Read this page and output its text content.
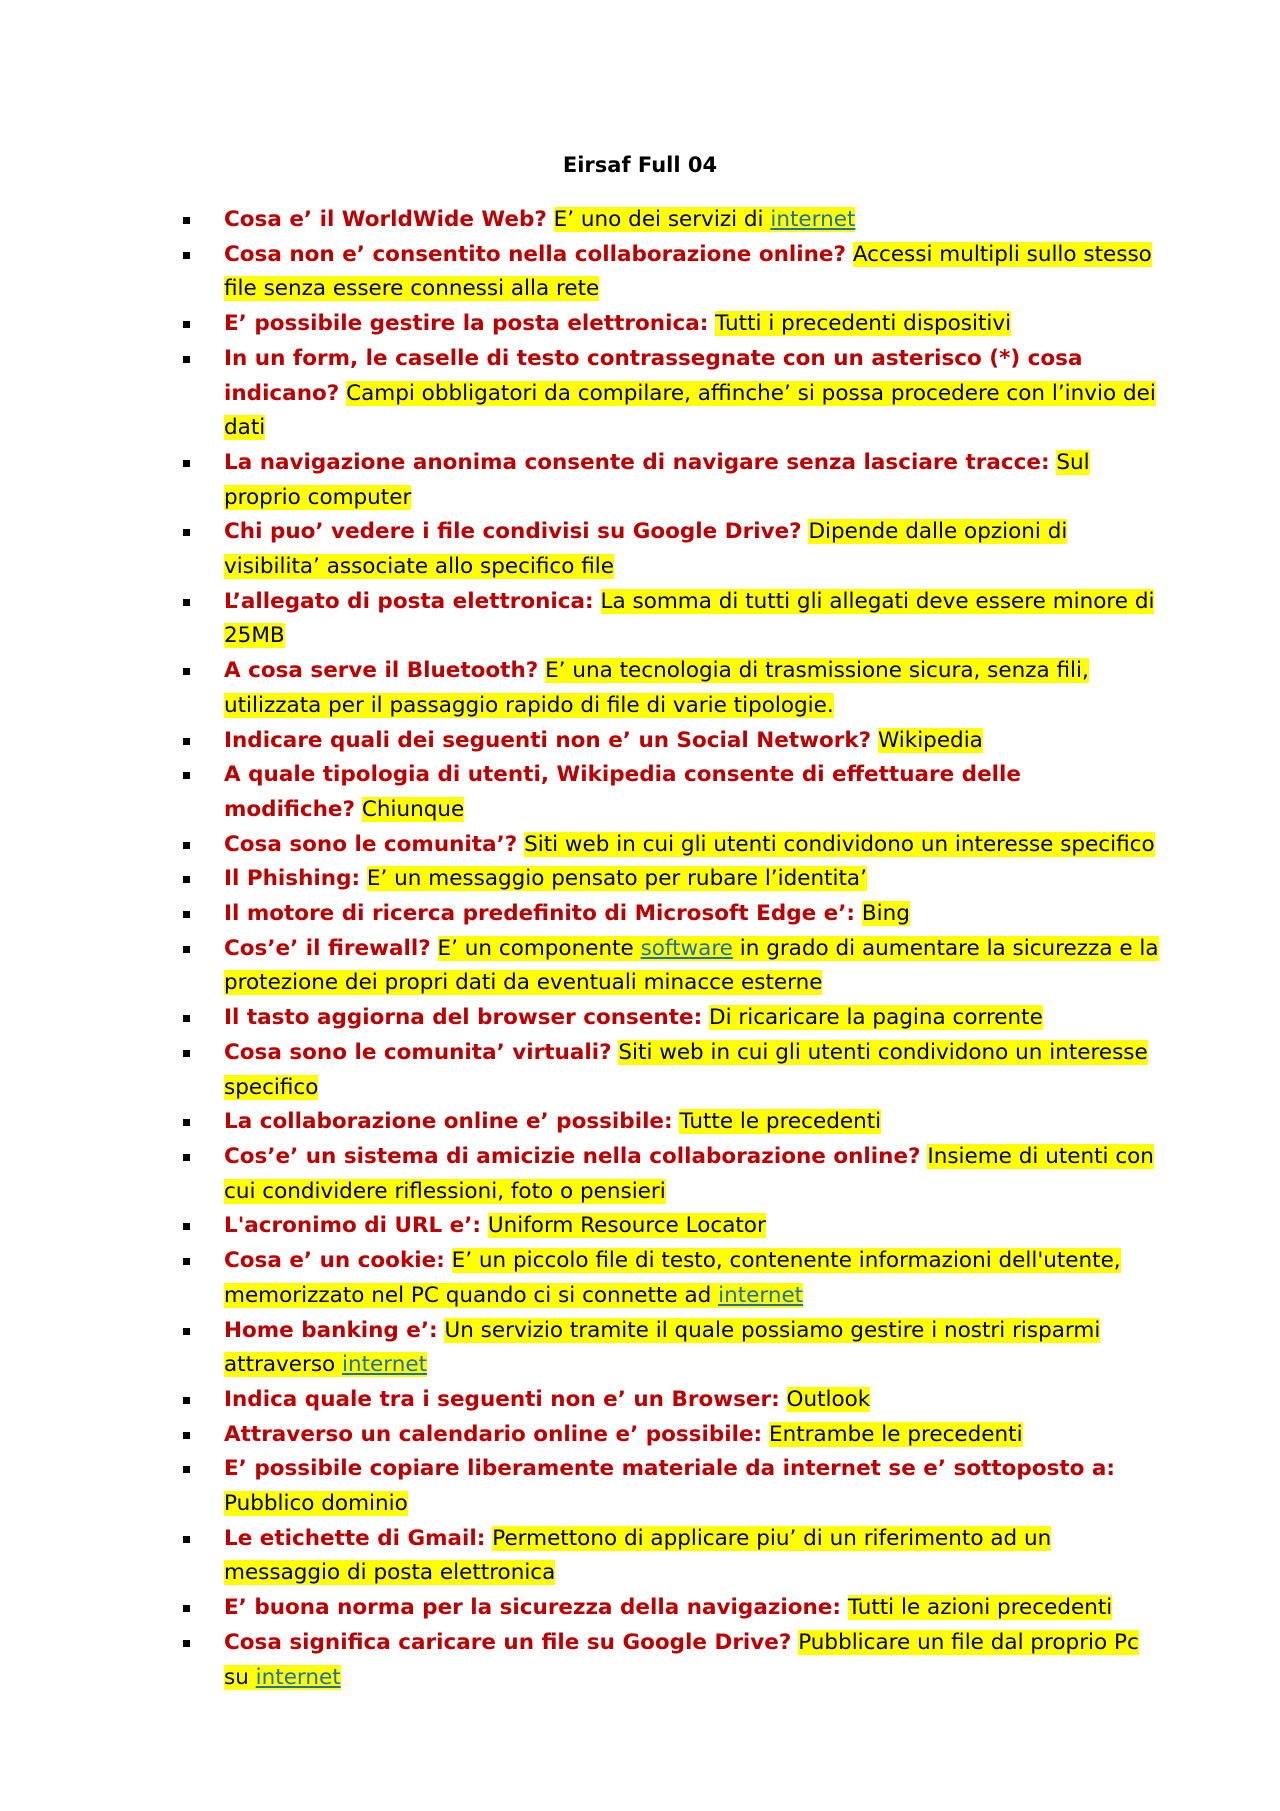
Eirsaf Full 04
Cosa e’ il WorldWide Web? E’ uno dei servizi di internet
Cosa non e’ consentito nella collaborazione online? Accessi multipli sullo stesso file senza essere connessi alla rete
E’ possibile gestire la posta elettronica: Tutti i precedenti dispositivi
In un form, le caselle di testo contrassegnate con un asterisco (*) cosa indicano? Campi obbligatori da compilare, affinche’ si possa procedere con l’invio dei dati
La navigazione anonima consente di navigare senza lasciare tracce: Sul proprio computer
Chi puo’ vedere i file condivisi su Google Drive? Dipende dalle opzioni di visibilita’ associate allo specifico file
L’allegato di posta elettronica: La somma di tutti gli allegati deve essere minore di 25MB
A cosa serve il Bluetooth? E’ una tecnologia di trasmissione sicura, senza fili, utilizzata per il passaggio rapido di file di varie tipologie.
Indicare quali dei seguenti non e’ un Social Network? Wikipedia
A quale tipologia di utenti, Wikipedia consente di effettuare delle modifiche? Chiunque
Cosa sono le comunita’? Siti web in cui gli utenti condividono un interesse specifico
Il Phishing: E’ un messaggio pensato per rubare l’identita’
Il motore di ricerca predefinito di Microsoft Edge e’: Bing
Cos’e’ il firewall? E’ un componente software in grado di aumentare la sicurezza e la protezione dei propri dati da eventuali minacce esterne
Il tasto aggiorna del browser consente: Di ricaricare la pagina corrente
Cosa sono le comunita’ virtuali? Siti web in cui gli utenti condividono un interesse specifico
La collaborazione online e’ possibile: Tutte le precedenti
Cos’e’ un sistema di amicizie nella collaborazione online? Insieme di utenti con cui condividere riflessioni, foto o pensieri
L'acronimo di URL e’: Uniform Resource Locator
Cosa e’ un cookie: E’ un piccolo file di testo, contenente informazioni dell'utente, memorizzato nel PC quando ci si connette ad internet
Home banking e’: Un servizio tramite il quale possiamo gestire i nostri risparmi attraverso internet
Indica quale tra i seguenti non e’ un Browser: Outlook
Attraverso un calendario online e’ possibile: Entrambe le precedenti
E’ possibile copiare liberamente materiale da internet se e’ sottoposto a: Pubblico dominio
Le etichette di Gmail: Permettono di applicare piu’ di un riferimento ad un messaggio di posta elettronica
E’ buona norma per la sicurezza della navigazione: Tutti le azioni precedenti
Cosa significa caricare un file su Google Drive? Pubblicare un file dal proprio Pc su internet
